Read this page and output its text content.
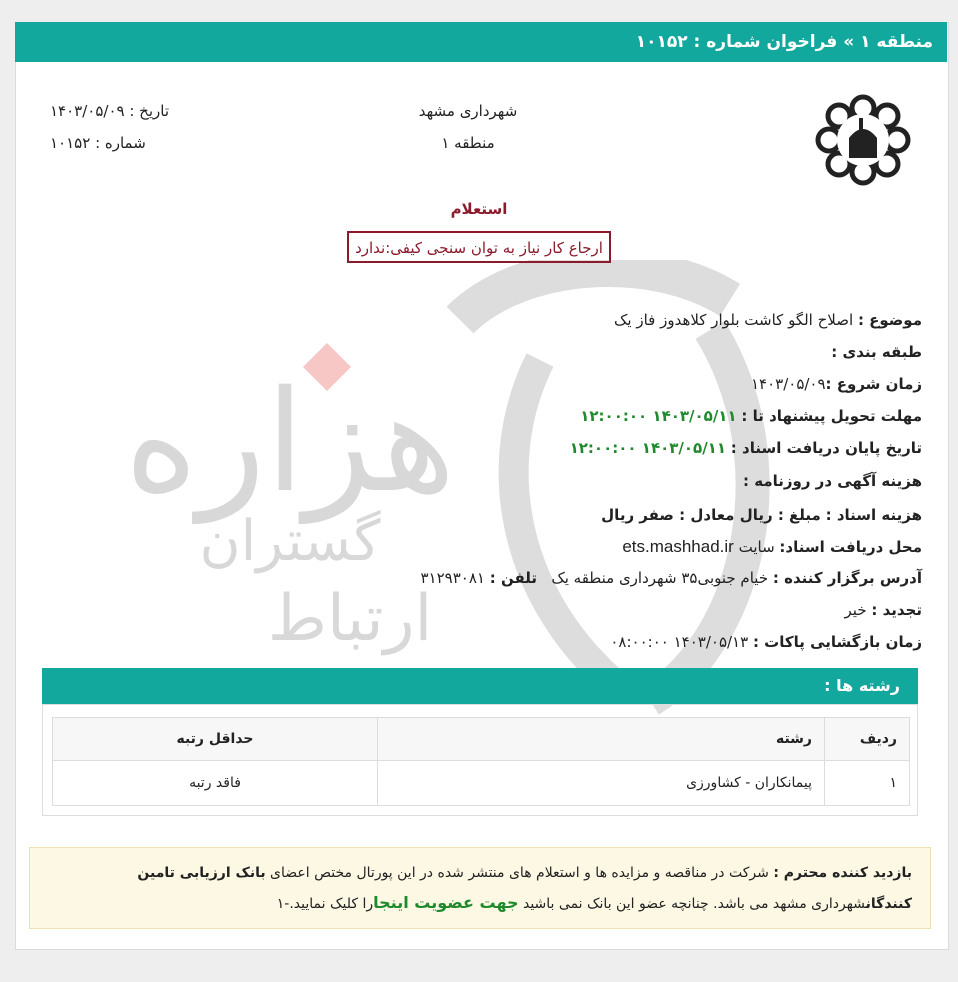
منطقه ۱ » فراخوان شماره : ۱۰۱۵۲
هزاره
گستران
ارتباط
شهرداری مشهد
منطقه ۱
تاریخ : ۱۴۰۳/۰۵/۰۹
شماره : ۱۰۱۵۲
استعلام
ارجاع کار نیاز به توان سنجی کیفی:ندارد
موضوع : اصلاح الگو کاشت بلوار کلاهدوز فاز یک
طبقه بندی :
زمان شروع :۱۴۰۳/۰۵/۰۹
مهلت تحویل پیشنهاد تا : ۱۴۰۳/۰۵/۱۱ ۱۲:۰۰:۰۰
تاریخ پایان دریافت اسناد : ۱۴۰۳/۰۵/۱۱ ۱۲:۰۰:۰۰
هزینه آگهی در روزنامه :
هزینه اسناد : مبلغ : ریال معادل : صفر ریال
محل دریافت اسناد: سایت ets.mashhad.ir
آدرس برگزار کننده : خیام جنوبی۳۵ شهرداری منطقه یک   تلفن : ۳۱۲۹۳۰۸۱
تجدید : خیر
زمان بازگشایی پاکات : ۱۴۰۳/۰۵/۱۳ ۰۸:۰۰:۰۰
رشته ها :
ردیف	رشته	حداقل رتبه
۱	پیمانکاران - کشاورزی	فاقد رتبه
بازدید کننده محترم : شرکت در مناقصه و مزایده ها و استعلام های منتشر شده در این پورتال مختص اعضای بانک ارزیابی تامین کنندگانشهرداری مشهد می باشد. چنانچه عضو این بانک نمی باشید جهت عضویت اینجارا کلیک نمایید.-۱
